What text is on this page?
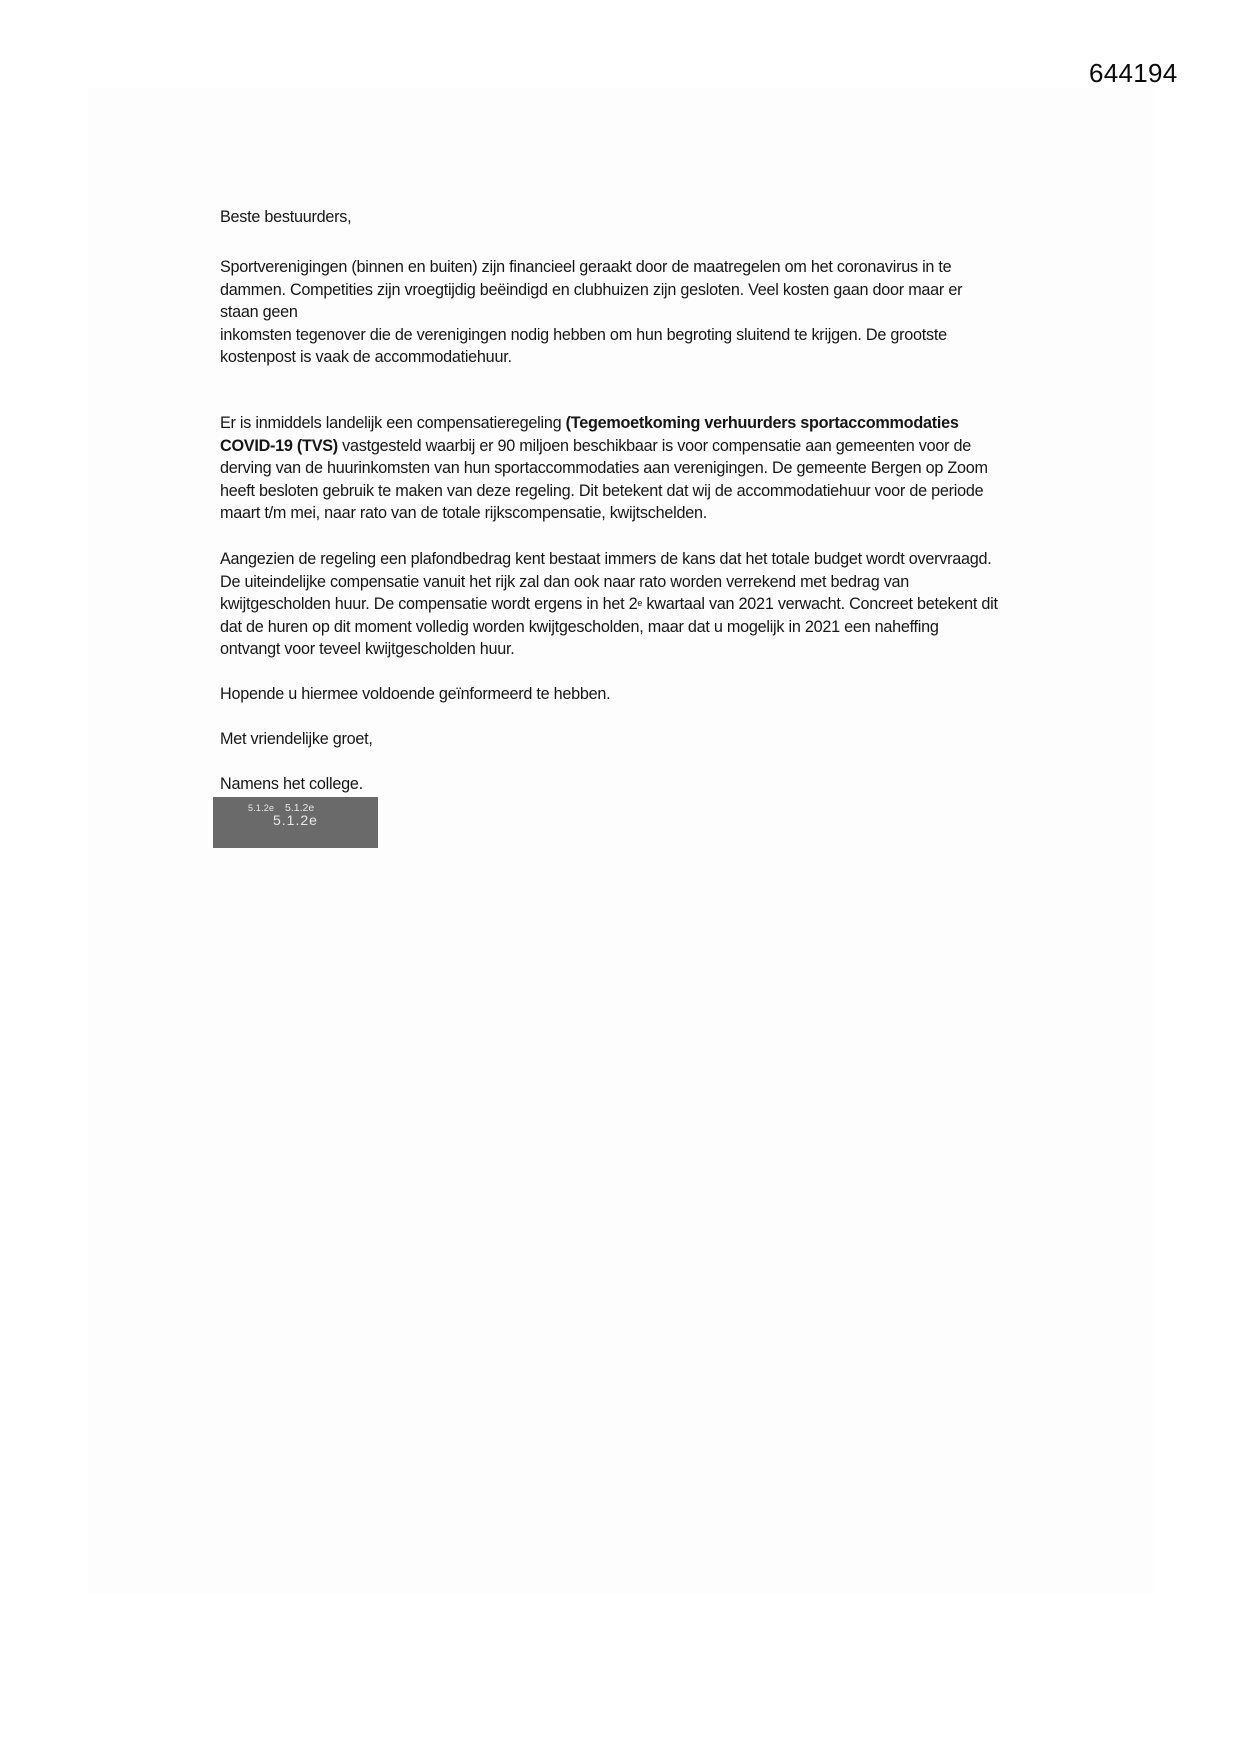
644194

Beste bestuurders,

Sportverenigingen (binnen en buiten) zijn financieel geraakt door de maatregelen om het coronavirus in te
dammen. Competities zijn vroegtijdig beëindigd en clubhuizen zijn gesloten. Veel kosten gaan door maar er
staan geen
inkomsten tegenover die de verenigingen nodig hebben om hun begroting sluitend te krijgen. De grootste
kostenpost is vaak de accommodatiehuur.

Er is inmiddels landelijk een compensatieregeling (Tegemoetkoming verhuurders sportaccommodaties
COVID-19 (TVS) vastgesteld waarbij er 90 miljoen beschikbaar is voor compensatie aan gemeenten voor de
derving van de huurinkomsten van hun sportaccommodaties aan verenigingen. De gemeente Bergen op Zoom
heeft besloten gebruik te maken van deze regeling. Dit betekent dat wij de accommodatiehuur voor de periode
maart t/m mei, naar rato van de totale rijkscompensatie, kwijtschelden.

Aangezien de regeling een plafondbedrag kent bestaat immers de kans dat het totale budget wordt overvraagd.
De uiteindelijke compensatie vanuit het rijk zal dan ook naar rato worden verrekend met bedrag van
kwijtgescholden huur. De compensatie wordt ergens in het 2e kwartaal van 2021 verwacht. Concreet betekent dit
dat de huren op dit moment volledig worden kwijtgescholden, maar dat u mogelijk in 2021 een naheffing
ontvangt voor teveel kwijtgescholden huur.

Hopende u hiermee voldoende geïnformeerd te hebben.

Met vriendelijke groet,

Namens het college.

5.1.2e 5.1.2e
5.1.2e
